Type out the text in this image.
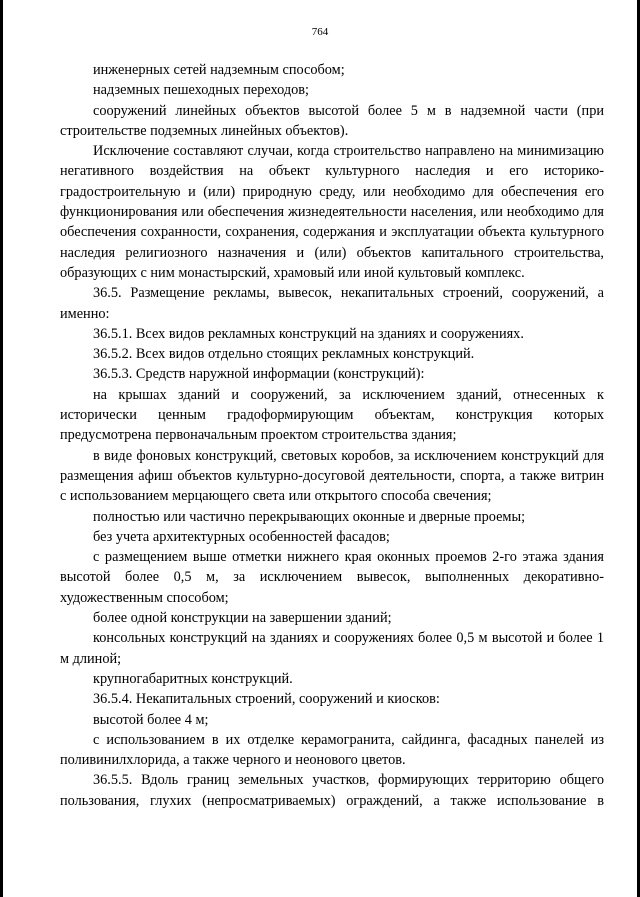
764

инженерных сетей надземным способом;

надземных пешеходных переходов;

сооружений линейных объектов высотой более 5 м в надземной части (при строительстве подземных линейных объектов).

Исключение составляют случаи, когда строительство направлено на минимизацию негативного воздействия на объект культурного наследия и его историко-градостроительную и (или) природную среду, или необходимо для обеспечения его функционирования или обеспечения жизнедеятельности населения, или необходимо для обеспечения сохранности, сохранения, содержания и эксплуатации объекта культурного наследия религиозного назначения и (или) объектов капитального строительства, образующих с ним монастырский, храмовый или иной культовый комплекс.

36.5. Размещение рекламы, вывесок, некапитальных строений, сооружений, а именно:

36.5.1. Всех видов рекламных конструкций на зданиях и сооружениях.

36.5.2. Всех видов отдельно стоящих рекламных конструкций.

36.5.3. Средств наружной информации (конструкций):

на крышах зданий и сооружений, за исключением зданий, отнесенных к исторически ценным градоформирующим объектам, конструкция которых предусмотрена первоначальным проектом строительства здания;

в виде фоновых конструкций, световых коробов, за исключением конструкций для размещения афиш объектов культурно-досуговой деятельности, спорта, а также витрин с использованием мерцающего света или открытого способа свечения;

полностью или частично перекрывающих оконные и дверные проемы;

без учета архитектурных особенностей фасадов;

с размещением выше отметки нижнего края оконных проемов 2-го этажа здания высотой более 0,5 м, за исключением вывесок, выполненных декоративно-художественным способом;

более одной конструкции на завершении зданий;

консольных конструкций на зданиях и сооружениях более 0,5 м высотой и более 1 м длиной;

крупногабаритных конструкций.

36.5.4. Некапитальных строений, сооружений и киосков:

высотой более 4 м;

с использованием в их отделке керамогранита, сайдинга, фасадных панелей из поливинилхлорида, а также черного и неонового цветов.

36.5.5. Вдоль границ земельных участков, формирующих территорию общего пользования, глухих (непросматриваемых) ограждений, а также использование в
